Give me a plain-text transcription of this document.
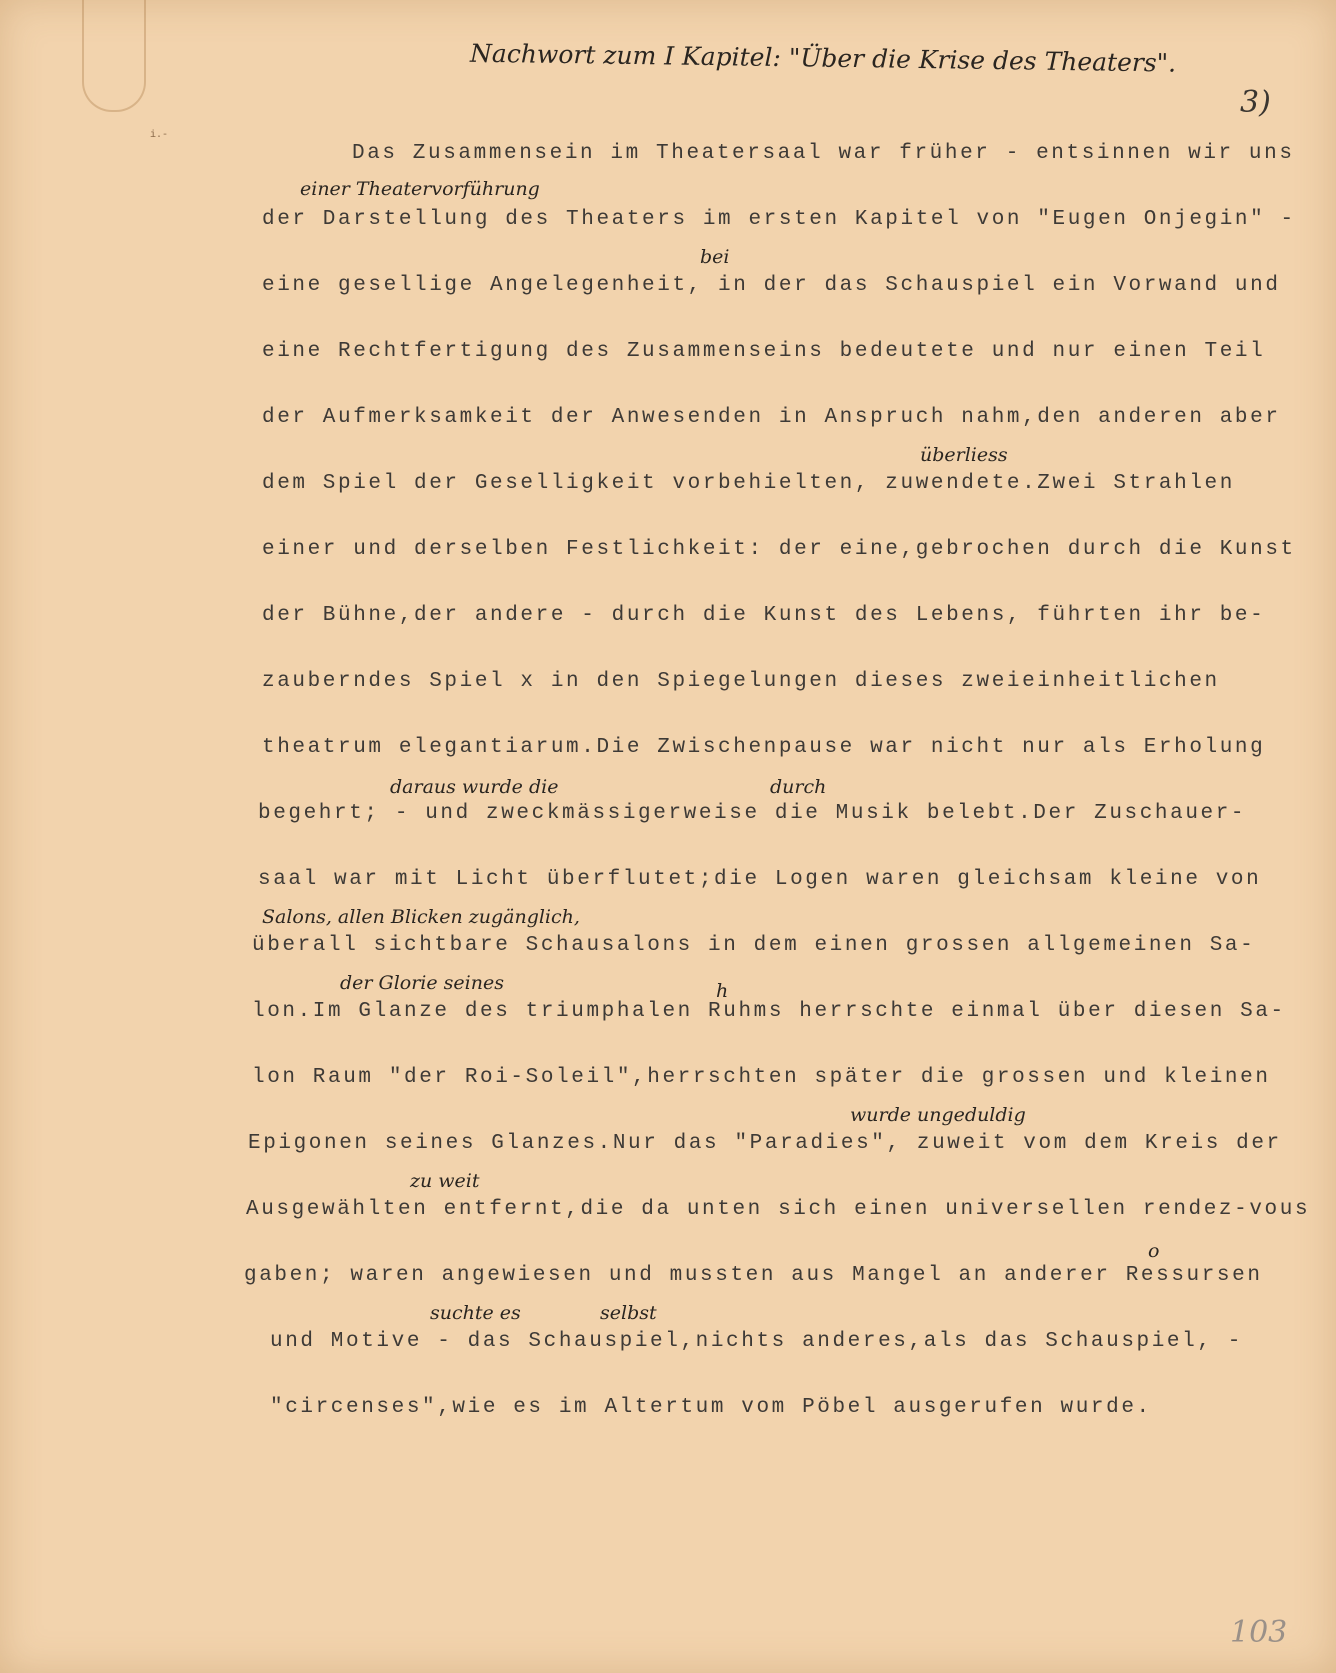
i.-
Nachwort zum I Kapitel: "Über die Krise des Theaters".
3)
103
Das Zusammensein im Theatersaal war früher - entsinnen wir uns
der Darstellung des Theaters im ersten Kapitel von "Eugen Onjegin" -
eine gesellige Angelegenheit, in der das Schauspiel ein Vorwand und
eine Rechtfertigung des Zusammenseins bedeutete und nur einen Teil
der Aufmerksamkeit der Anwesenden in Anspruch nahm,den anderen aber
dem Spiel der Geselligkeit vorbehielten, zuwendete.Zwei Strahlen
einer und derselben Festlichkeit: der eine,gebrochen durch die Kunst
der Bühne,der andere - durch die Kunst des Lebens, führten ihr be-
zauberndes Spiel x in den Spiegelungen dieses zweieinheitlichen
theatrum elegantiarum.Die Zwischenpause war nicht nur als Erholung
begehrt; - und zweckmässigerweise die Musik belebt.Der Zuschauer-
saal war mit Licht überflutet;die Logen waren gleichsam kleine von
überall sichtbare Schausalons in dem einen grossen allgemeinen Sa-
lon.Im Glanze des triumphalen Ruhms herrschte einmal über diesen Sa-
lon Raum "der Roi-Soleil",herrschten später die grossen und kleinen
Epigonen seines Glanzes.Nur das "Paradies", zuweit vom dem Kreis der
Ausgewählten entfernt,die da unten sich einen universellen rendez-vous
gaben; waren angewiesen und mussten aus Mangel an anderer Ressursen
und Motive - das Schauspiel,nichts anderes,als das Schauspiel, -
"circenses",wie es im Altertum vom Pöbel ausgerufen wurde.
einer Theatervorführung
bei
überliess
daraus wurde die	durch
Salons, allen Blicken zugänglich,
der Glorie seines	h
wurde ungeduldig
zu weit
suchte es	selbst
o
